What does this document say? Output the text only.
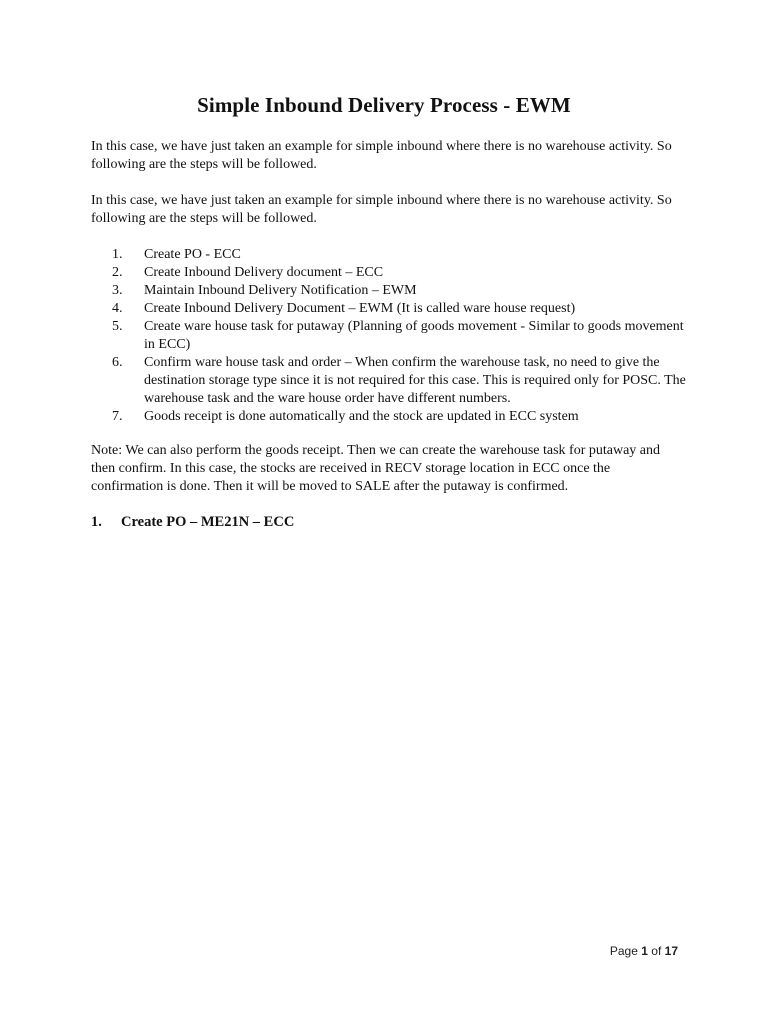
Simple Inbound Delivery Process - EWM
In this case, we have just taken an example for simple inbound where there is no warehouse activity. So following are the steps will be followed.
In this case, we have just taken an example for simple inbound where there is no warehouse activity. So following are the steps will be followed.
1. Create PO - ECC
2. Create Inbound Delivery document – ECC
3. Maintain Inbound Delivery Notification – EWM
4. Create Inbound Delivery Document – EWM (It is called ware house request)
5. Create ware house task for putaway (Planning of goods movement - Similar to goods movement in ECC)
6. Confirm ware house task and order – When confirm the warehouse task, no need to give the destination storage type since it is not required for this case. This is required only for POSC. The warehouse task and the ware house order have different numbers.
7. Goods receipt is done automatically and the stock are updated in ECC system
Note: We can also perform the goods receipt. Then we can create the warehouse task for putaway and then confirm. In this case, the stocks are received in RECV storage location in ECC once the confirmation is done. Then it will be moved to SALE after the putaway is confirmed.
1. Create PO – ME21N – ECC
Page 1 of 17
